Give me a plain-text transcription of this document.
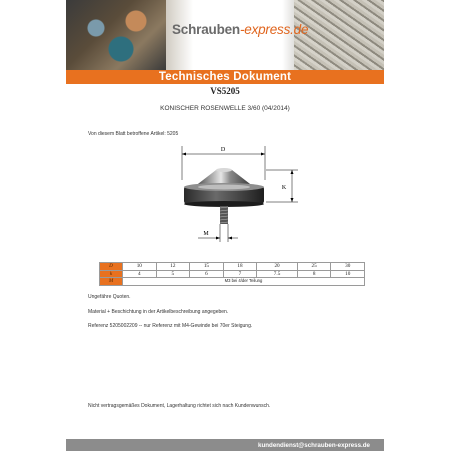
Schrauben-express.de
Technisches Dokument
VS5205
KONISCHER ROSENWELLE 3/60 (04/2014)
Von diesem Blatt betroffene Artikel: 5205
D
K
M
D	10	12	15	18	20	25	30
k	4	5	6	7	7.5	8	10
M	M3 bei 4/der Teilung						
Ungefähre Quoten.
Material + Beschichtung in der Artikelbeschreibung angegeben.
Referenz 5205002209 -- nur Referenz mit M4-Gewinde bei 70er Steigung.
Nicht vertragsgemäßes Dokument, Lagerhaltung richtet sich nach Kundenwunsch.
kundendienst@schrauben-express.de
